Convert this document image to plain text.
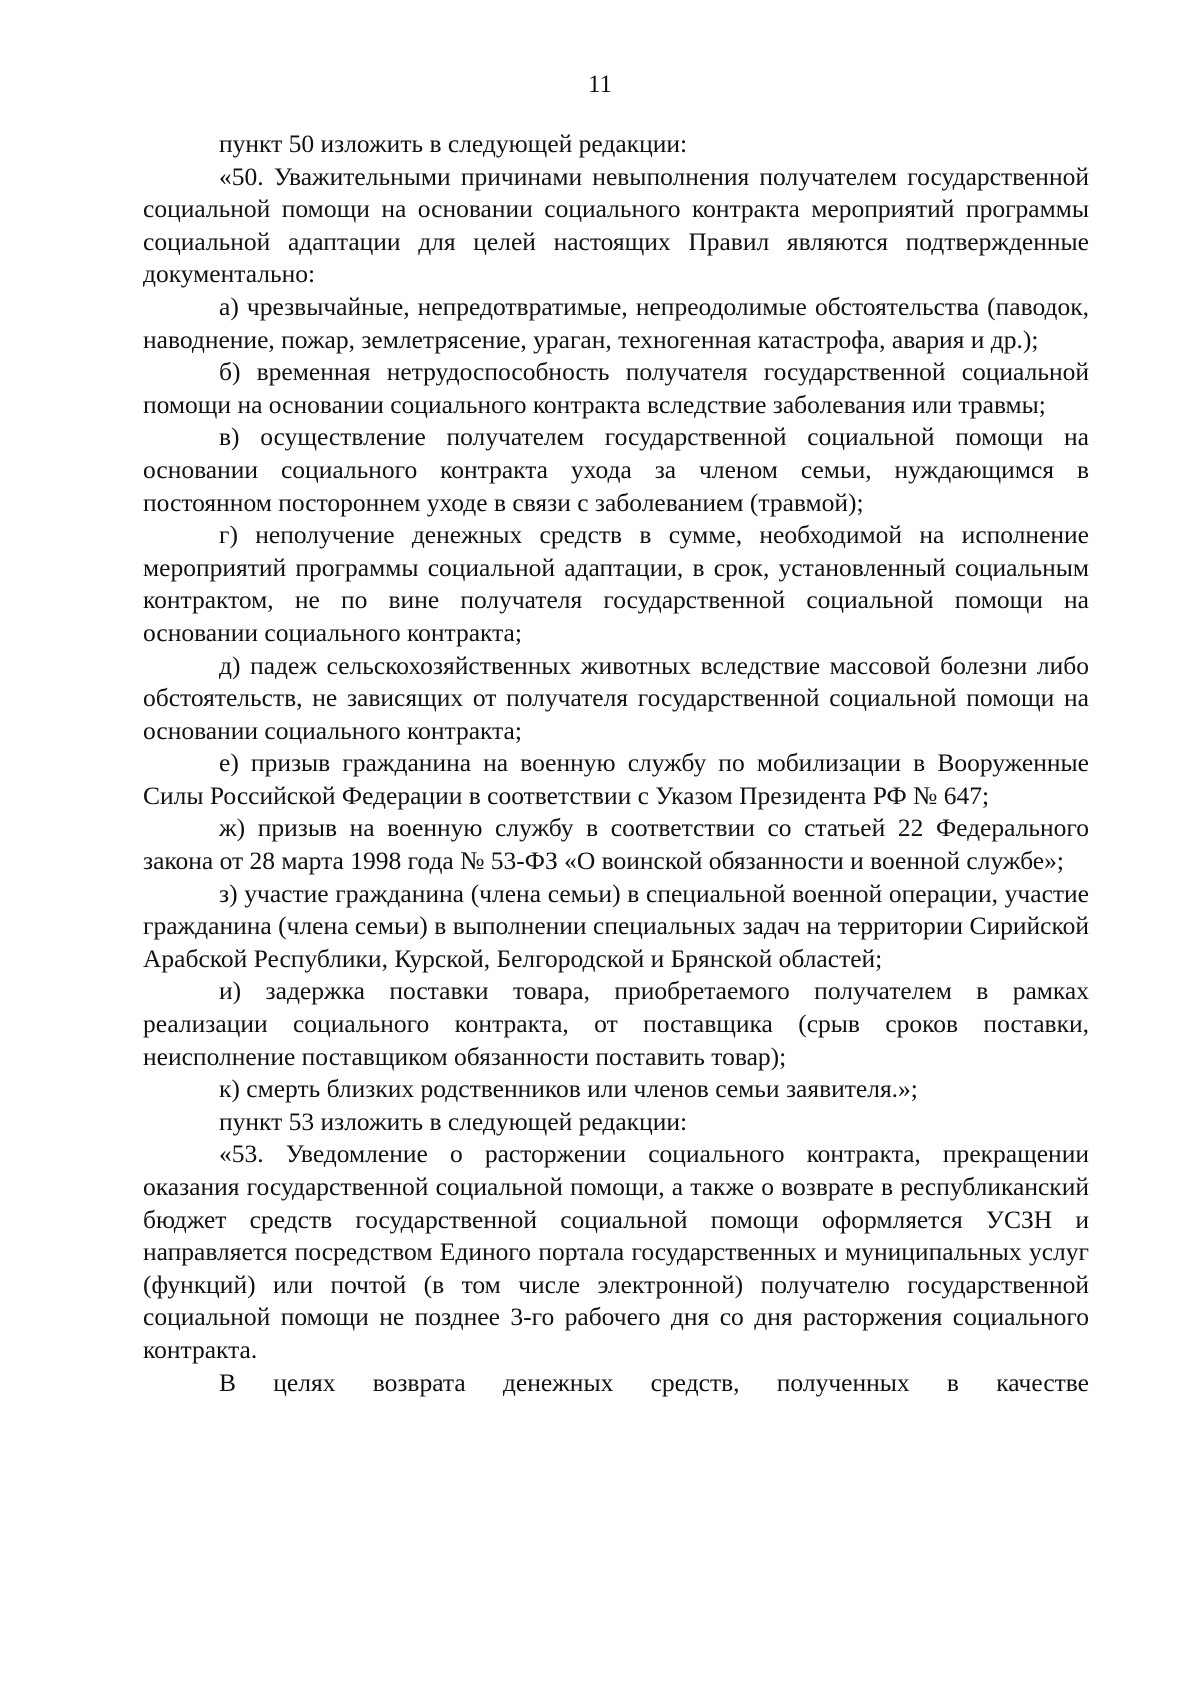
11

пункт 50 изложить в следующей редакции:

«50. Уважительными причинами невыполнения получателем государственной социальной помощи на основании социального контракта мероприятий программы социальной адаптации для целей настоящих Правил являются подтвержденные документально:

а) чрезвычайные, непредотвратимые, непреодолимые обстоятельства (паводок, наводнение, пожар, землетрясение, ураган, техногенная катастрофа, авария и др.);

б) временная нетрудоспособность получателя государственной социальной помощи на основании социального контракта вследствие заболевания или травмы;

в) осуществление получателем государственной социальной помощи на основании социального контракта ухода за членом семьи, нуждающимся в постоянном постороннем уходе в связи с заболеванием (травмой);

г) неполучение денежных средств в сумме, необходимой на исполнение мероприятий программы социальной адаптации, в срок, установленный социальным контрактом, не по вине получателя государственной социальной помощи на основании социального контракта;

д) падеж сельскохозяйственных животных вследствие массовой болезни либо обстоятельств, не зависящих от получателя государственной социальной помощи на основании социального контракта;

е) призыв гражданина на военную службу по мобилизации в Вооруженные Силы Российской Федерации в соответствии с Указом Президента РФ № 647;

ж) призыв на военную службу в соответствии со статьей 22 Федерального закона от 28 марта 1998 года № 53-ФЗ «О воинской обязанности и военной службе»;

з) участие гражданина (члена семьи) в специальной военной операции, участие гражданина (члена семьи) в выполнении специальных задач на территории Сирийской Арабской Республики, Курской, Белгородской и Брянской областей;

и) задержка поставки товара, приобретаемого получателем в рамках реализации социального контракта, от поставщика (срыв сроков поставки, неисполнение поставщиком обязанности поставить товар);

к) смерть близких родственников или членов семьи заявителя.»;

пункт 53 изложить в следующей редакции:

«53. Уведомление о расторжении социального контракта, прекращении оказания государственной социальной помощи, а также о возврате в республиканский бюджет средств государственной социальной помощи оформляется УСЗН и направляется посредством Единого портала государственных и муниципальных услуг (функций) или почтой (в том числе электронной) получателю государственной социальной помощи не позднее 3-го рабочего дня со дня расторжения социального контракта.

В целях возврата денежных средств, полученных в качестве
